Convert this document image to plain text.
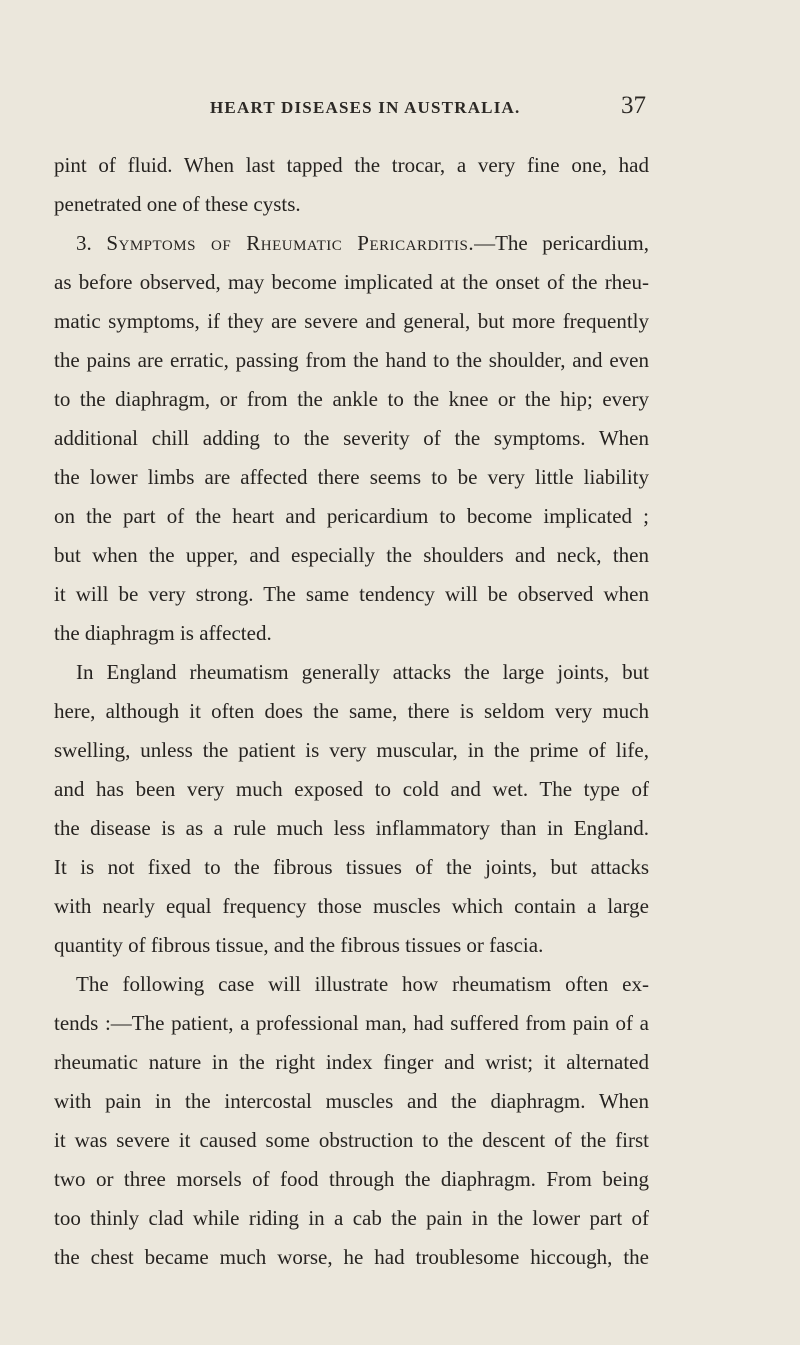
HEART DISEASES IN AUSTRALIA.	37
pint of fluid. When last tapped the trocar, a very fine one, had
penetrated one of these cysts.
3. Symptoms of Rheumatic Pericarditis.—The pericardium,
as before observed, may become implicated at the onset of the rheu-
matic symptoms, if they are severe and general, but more frequently
the pains are erratic, passing from the hand to the shoulder, and even
to the diaphragm, or from the ankle to the knee or the hip; every
additional chill adding to the severity of the symptoms. When
the lower limbs are affected there seems to be very little liability
on the part of the heart and pericardium to become implicated ;
but when the upper, and especially the shoulders and neck, then
it will be very strong. The same tendency will be observed when
the diaphragm is affected.
In England rheumatism generally attacks the large joints, but
here, although it often does the same, there is seldom very much
swelling, unless the patient is very muscular, in the prime of life,
and has been very much exposed to cold and wet. The type of
the disease is as a rule much less inflammatory than in England.
It is not fixed to the fibrous tissues of the joints, but attacks
with nearly equal frequency those muscles which contain a large
quantity of fibrous tissue, and the fibrous tissues or fascia.
The following case will illustrate how rheumatism often ex-
tends :—The patient, a professional man, had suffered from pain of a
rheumatic nature in the right index finger and wrist; it alternated
with pain in the intercostal muscles and the diaphragm. When
it was severe it caused some obstruction to the descent of the first
two or three morsels of food through the diaphragm. From being
too thinly clad while riding in a cab the pain in the lower part of
the chest became much worse, he had troublesome hiccough, the
